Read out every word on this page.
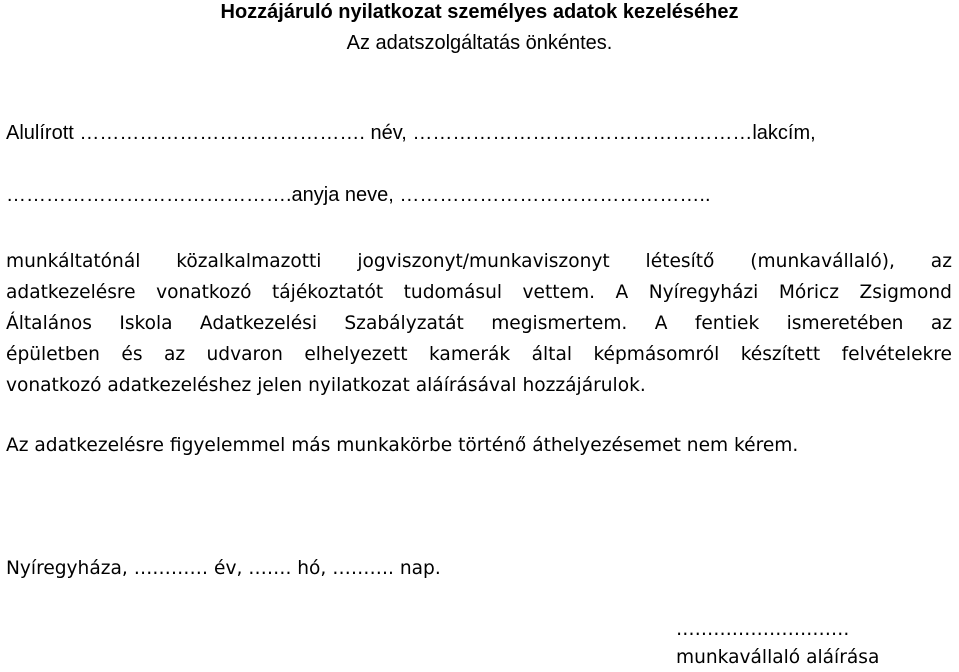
Hozzájáruló nyilatkozat személyes adatok kezeléséhez
Az adatszolgáltatás önkéntes.
Alulírott ……………………………………. név, ……………………………………………lakcím,
…………………………………….anyja neve, ………………………………………..
munkáltatónál közalkalmazotti jogviszonyt/munkaviszonyt létesítő (munkavállaló), az
adatkezelésre vonatkozó tájékoztatót tudomásul vettem. A Nyíregyházi Móricz Zsigmond
Általános Iskola Adatkezelési Szabályzatát megismertem. A fentiek ismeretében az
épületben és az udvaron elhelyezett kamerák által képmásomról készített felvételekre
vonatkozó adatkezeléshez jelen nyilatkozat aláírásával hozzájárulok.
Az adatkezelésre figyelemmel más munkakörbe történő áthelyezésemet nem kérem.
Nyíregyháza, ………… év, ……. hó, ………. nap.
……………………….
munkavállaló aláírása
